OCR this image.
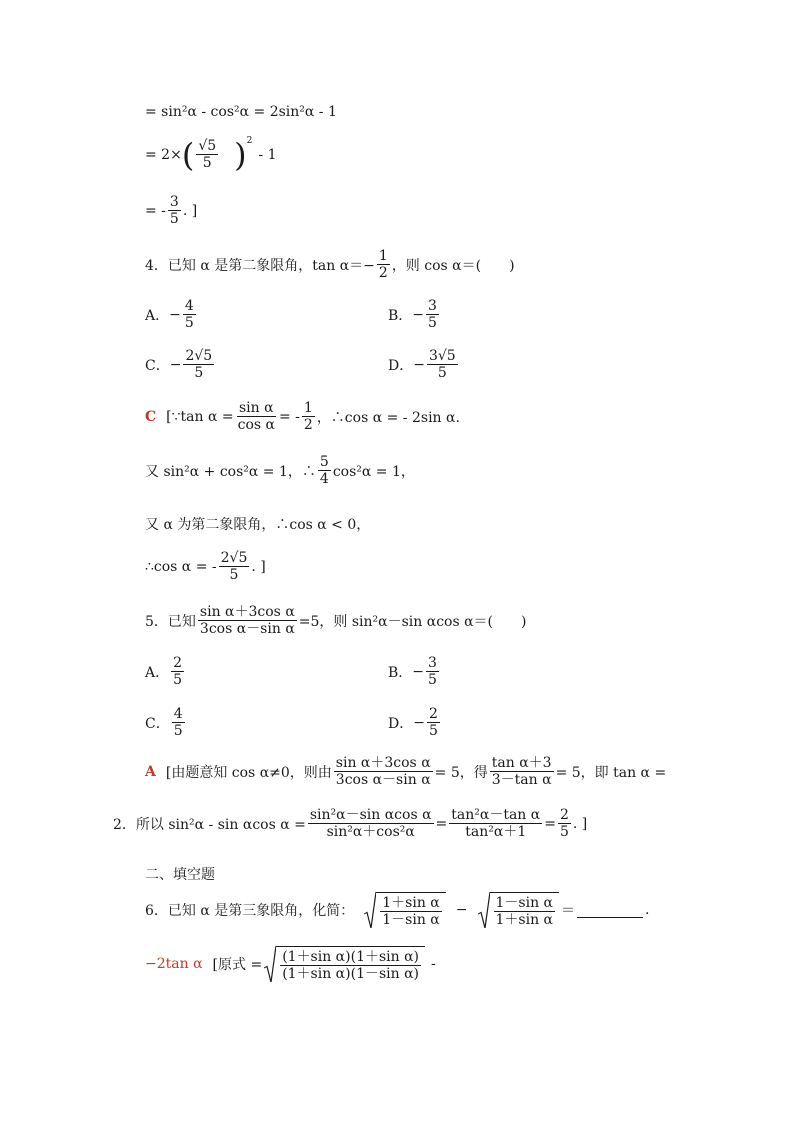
= sin²α - cos²α = 2sin²α - 1
= 2× ( $\frac{√5}{5} )^2$
- 1
= - $\frac{3}{5}$ . ]
4．已知 α 是第二象限角，$\tan \alpha=- \frac{1}{2}$ ，则 cos α＝(　　)
A． − $\frac{4}{5}$	B． − $\frac{3}{5}$
C． − $\frac{2√5}{5}$	D． − $\frac{3√5}{5}$
C [∵tan $\alpha = \frac{\text{sin α}}{\text{cos α}}$ = - $\frac{1}{2}$ ，∴cos α = - 2sin α.
又 sin²α + cos²α = 1，∴ $\frac{5}{4} \cos^2\alpha = 1$，
又 α 为第二象限角，∴cos α < 0，
∴cos α = - $\frac{2√5}{5}$ . ]
5．已知 $\frac{\text{sin α＋3cos α}}{\text{3cos α－sin α}} =5$，则 sin²α－sin αcos α＝(　　)
A． $\frac{2}{5}$	B． − $\frac{3}{5}$
C． $\frac{4}{5}$	D． − $\frac{2}{5}$
A [由题意知 cos α≠0，则由 $\frac{\text{sin α＋3cos α}}{\text{3cos α－sin α}} = 5$，得 $\frac{\text{tan α＋3}}{\text{3－tan α}} = 5$，即 tan α =
2．所以 sin²α - sin αcos $\alpha = \frac{\text{sin²α－sin αcos α}}{\text{sin²α＋cos²α}} = \frac{\text{tan²α－tan α}}{\text{tan²α＋1}} = \frac{2}{5}$ . ]
二、填空题
6．已知 α 是第三象限角，化简： $\frac{\text{1＋sin α}}{\text{1－sin α}} - \frac{\text{1－sin α}}{\text{1＋sin α}}$ ＝	.
−2tan α [原式 = $\frac{\text{(1＋sin α)(1＋sin α)}}{\text{(1＋sin α)(1－sin α)}}$ -
